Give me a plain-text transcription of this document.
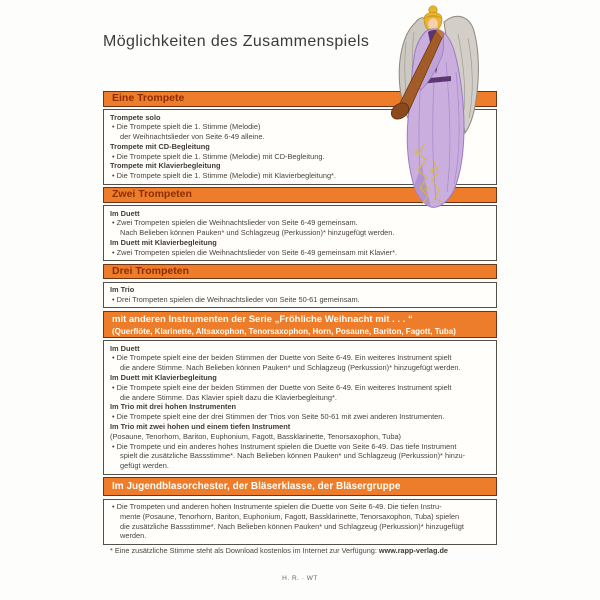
Möglichkeiten des Zusammenspiels
Eine Trompete
Trompete solo
• Die Trompete spielt die 1. Stimme (Melodie)
der Weihnachtslieder von Seite 6-49 alleine.
Trompete mit CD-Begleitung
• Die Trompete spielt die 1. Stimme (Melodie) mit CD-Begleitung.
Trompete mit Klavierbegleitung
• Die Trompete spielt die 1. Stimme (Melodie) mit Klavierbegleitung*.
Zwei Trompeten
Im Duett
• Zwei Trompeten spielen die Weihnachtslieder von Seite 6-49 gemeinsam.
Nach Belieben können Pauken* und Schlagzeug (Perkussion)* hinzugefügt werden.
Im Duett mit Klavierbegleitung
• Zwei Trompeten spielen die Weihnachtslieder von Seite 6-49 gemeinsam mit Klavier*.
Drei Trompeten
Im Trio
• Drei Trompeten spielen die Weihnachtslieder von Seite 50-61 gemeinsam.
mit anderen Instrumenten der Serie „Fröhliche Weihnacht mit . . . “
(Querflöte, Klarinette, Altsaxophon, Tenorsaxophon, Horn, Posaune, Bariton, Fagott, Tuba)
Im Duett
• Die Trompete spielt eine der beiden Stimmen der Duette von Seite 6-49. Ein weiteres Instrument spielt
die andere Stimme. Nach Belieben können Pauken* und Schlagzeug (Perkussion)* hinzugefügt werden.
Im Duett mit Klavierbegleitung
• Die Trompete spielt eine der beiden Stimmen der Duette von Seite 6-49. Ein weiteres Instrument spielt
die andere Stimme. Das Klavier spielt dazu die Klavierbegleitung*.
Im Trio mit drei hohen Instrumenten
• Die Trompete spielt eine der drei Stimmen der Trios von Seite 50-61 mit zwei anderen Instrumenten.
Im Trio mit zwei hohen und einem tiefen Instrument
(Posaune, Tenorhorn, Bariton, Euphonium, Fagott, Bassklarinette, Tenorsaxophon, Tuba)
• Die Trompete und ein anderes hohes Instrument spielen die Duette von Seite 6-49. Das tiefe Instrument
spielt die zusätzliche Bassstimme*. Nach Belieben können Pauken* und Schlagzeug (Perkussion)* hinzu-
gefügt werden.
Im Jugendblasorchester, der Bläserklasse, der Bläsergruppe
• Die Trompeten und anderen hohen Instrumente spielen die Duette von Seite 6-49. Die tiefen Instru-
mente (Posaune, Tenorhorn, Bariton, Euphonium, Fagott, Bassklarinette, Tenorsaxophon, Tuba) spielen
die zusätzliche Bassstimme*. Nach Belieben können Pauken* und Schlagzeug (Perkussion)* hinzugefügt
werden.
* Eine zusätzliche Stimme steht als Download kostenlos im Internet zur Verfügung: www.rapp-verlag.de
H. R. · WT
